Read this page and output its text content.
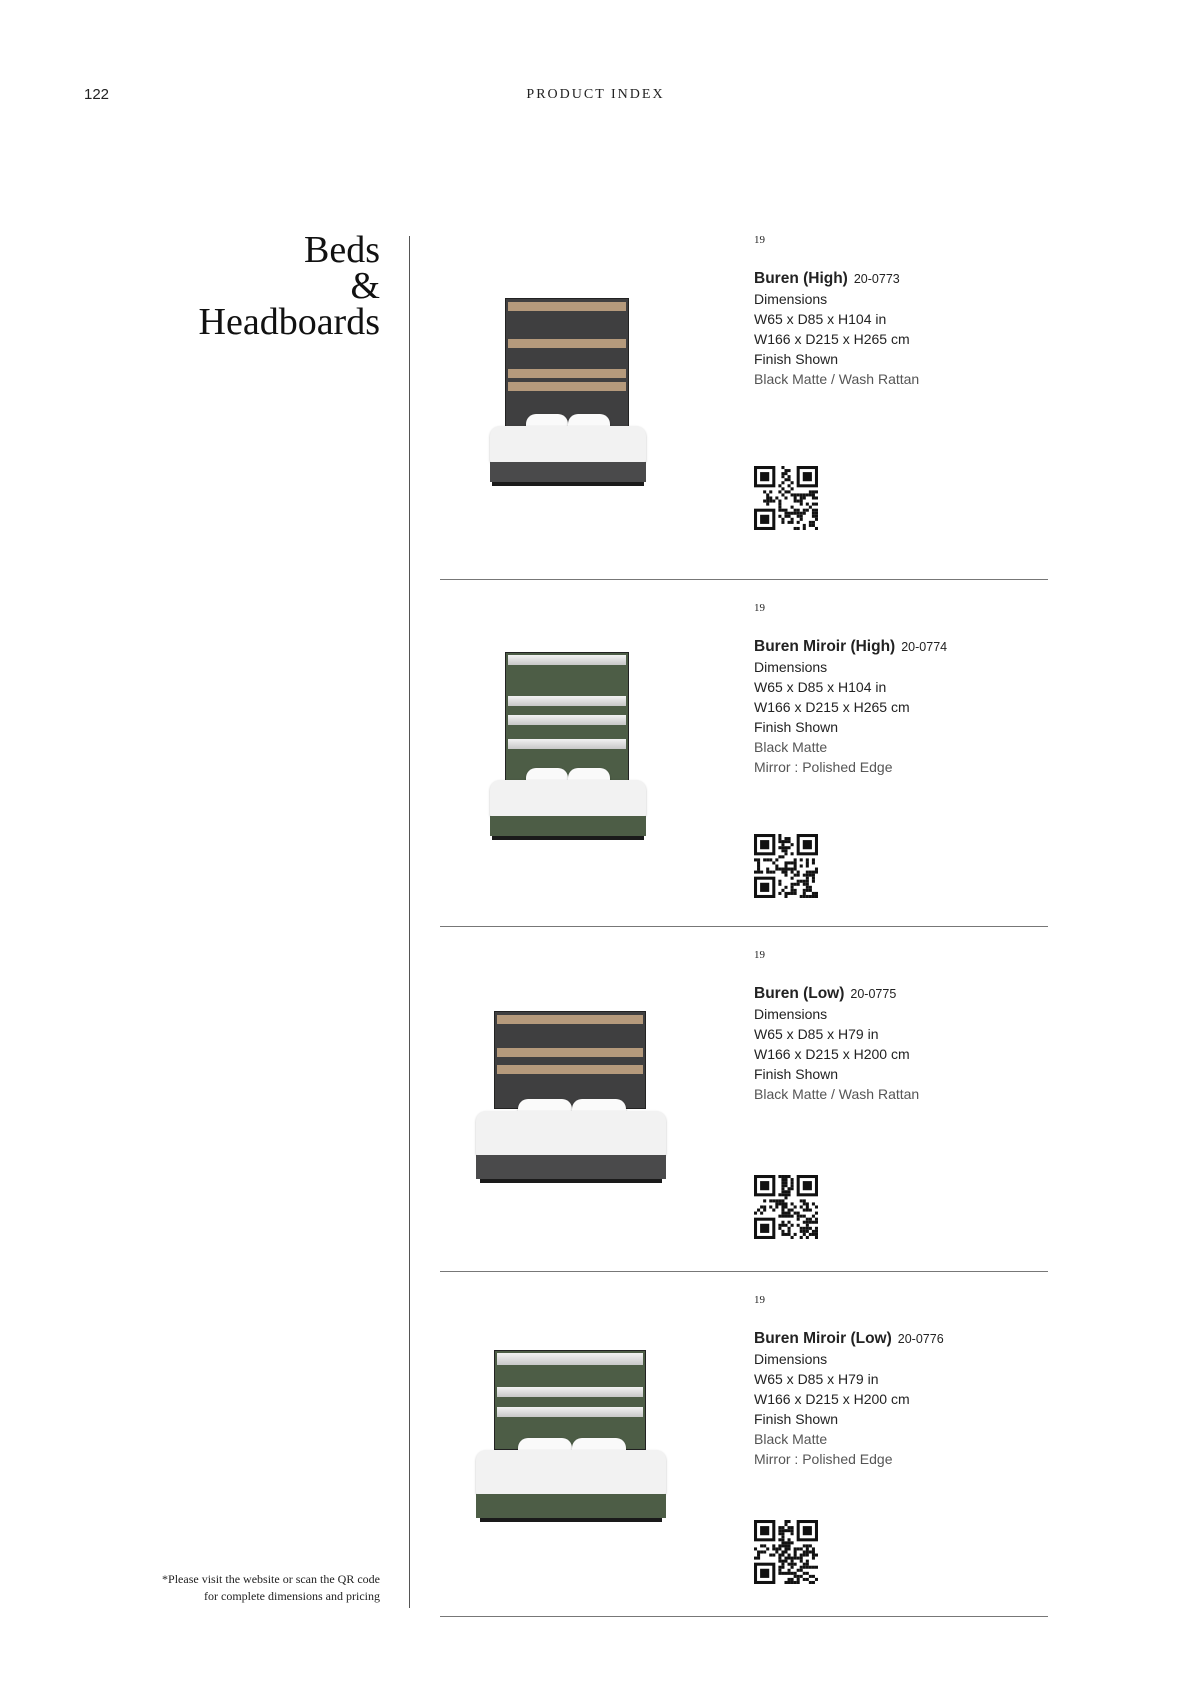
122	PRODUCT INDEX
Beds
&
Headboards
*Please visit the website or scan the QR code
for complete dimensions and pricing
19
Buren (High) 20-0773
Dimensions
W65 x D85 x H104 in
W166 x D215 x H265 cm
Finish Shown
Black Matte / Wash Rattan
19
Buren Miroir (High) 20-0774
Dimensions
W65 x D85 x H104 in
W166 x D215 x H265 cm
Finish Shown
Black Matte
Mirror : Polished Edge
19
Buren (Low) 20-0775
Dimensions
W65 x D85 x H79 in
W166 x D215 x H200 cm
Finish Shown
Black Matte / Wash Rattan
19
Buren Miroir (Low) 20-0776
Dimensions
W65 x D85 x H79 in
W166 x D215 x H200 cm
Finish Shown
Black Matte
Mirror : Polished Edge
